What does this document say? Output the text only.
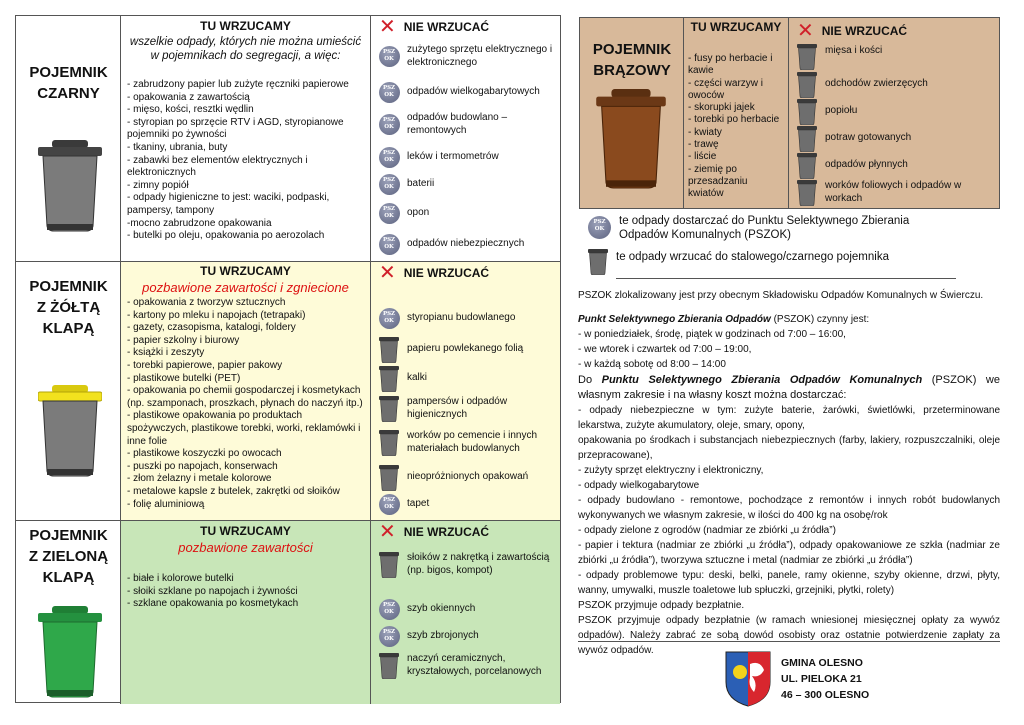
POJEMNIK
CZARNY
TU WRZUCAMY
wszelkie odpady, których nie można umieścić w pojemnikach do segregacji, a więc:
- zabrudzony papier lub zużyte ręczniki papierowe
- opakowania z zawartością
- mięso, kości, resztki wędlin
- styropian po sprzęcie RTV i AGD, styropianowe pojemniki po żywności
- tkaniny, ubrania, buty
- zabawki bez elementów elektrycznych i elektronicznych
- zimny popiół
- odpady higieniczne to jest: waciki, podpaski, pampersy, tampony
-mocno zabrudzone opakowania
- butelki po oleju, opakowania po aerozolach
✕ NIE WRZUCAĆ
PSZ
OK
zużytego sprzętu elektrycznego i elektronicznego
PSZ
OK	odpadów wielkogabarytowych
PSZ
OK
odpadów budowlano – remontowych
PSZ
OK	leków i termometrów
PSZ
OK	baterii
PSZ
OK	opon
PSZ
OK	odpadów niebezpiecznych
POJEMNIK
Z ŻÓŁTĄ
KLAPĄ
TU WRZUCAMY
pozbawione zawartości i zgniecione
- opakowania z tworzyw sztucznych
- kartony po mleku i napojach (tetrapaki)
- gazety, czasopisma, katalogi, foldery
- papier szkolny i biurowy
- książki i zeszyty
- torebki papierowe, papier pakowy
- plastikowe butelki (PET)
- opakowania po chemii gospodarczej i kosmetykach (np. szamponach, proszkach, płynach do naczyń itp.)
- plastikowe opakowania po produktach spożywczych, plastikowe torebki, worki, reklamówki i inne folie
- plastikowe koszyczki po owocach
- puszki po napojach, konserwach
- złom żelazny i metale kolorowe
- metalowe kapsle z butelek, zakrętki od słoików
- folię aluminiową
✕ NIE WRZUCAĆ
PSZ
OK	styropianu budowlanego
papieru powlekanego folią
kalki
pampersów i odpadów higienicznych
worków po cemencie i innych materiałach budowlanych
nieopróżnionych opakowań
PSZ
OK	tapet
POJEMNIK
Z ZIELONĄ
KLAPĄ
TU WRZUCAMY
pozbawione zawartości
- białe i kolorowe butelki
- słoiki szklane po napojach i żywności
- szklane opakowania po kosmetykach
✕ NIE WRZUCAĆ
słoików z nakrętką i zawartością (np. bigos, kompot)
PSZ
OK	szyb okiennych
PSZ
OK	szyb zbrojonych
naczyń ceramicznych, kryształowych, porcelanowych
POJEMNIK
BRĄZOWY
TU WRZUCAMY
- fusy po herbacie i kawie
- części warzyw i owoców
- skorupki jajek
- torebki po herbacie
- kwiaty
- trawę
- liście
- ziemię po przesadzaniu kwiatów
✕ NIE WRZUCAĆ
mięsa i kości
odchodów zwierzęcych
popiołu
potraw gotowanych
odpadów płynnych
worków foliowych i odpadów w workach
PSZ
OK
te odpady dostarczać do Punktu Selektywnego Zbierania Odpadów Komunalnych (PSZOK)
te odpady wrzucać do stalowego/czarnego pojemnika
PSZOK zlokalizowany jest przy obecnym Składowisku Odpadów Komunalnych w Świerczu.
Punkt Selektywnego Zbierania Odpadów (PSZOK) czynny jest:
- w poniedziałek, środę, piątek w godzinach od 7:00 – 16:00,
- we wtorek i czwartek od 7:00 – 19:00,
- w każdą sobotę od 8:00 – 14:00
Do Punktu Selektywnego Zbierania Odpadów Komunalnych (PSZOK) we własnym zakresie i na własny koszt można dostarczać:
- odpady niebezpieczne w tym: zużyte baterie, żarówki, świetlówki, przeterminowane lekarstwa, zużyte akumulatory, oleje, smary, opony,
opakowania po środkach i substancjach niebezpiecznych (farby, lakiery, rozpuszczalniki, oleje przepracowane),
- zużyty sprzęt elektryczny i elektroniczny,
- odpady wielkogabarytowe
- odpady budowlano - remontowe, pochodzące z remontów i innych robót budowlanych wykonywanych we własnym zakresie, w ilości do 400 kg na osobę/rok
- odpady zielone z ogrodów (nadmiar ze zbiórki „u źródła”)
- papier i tektura (nadmiar ze zbiórki „u źródła”), odpady opakowaniowe ze szkła (nadmiar ze zbiórki „u źródła”), tworzywa sztuczne i metal (nadmiar ze zbiórki „u źródła”)
- odpady problemowe typu: deski, belki, panele, ramy okienne, szyby okienne, drzwi, płyty, wanny, umywalki, muszle toaletowe lub spłuczki, grzejniki, płytki, rolety)
PSZOK przyjmuje odpady bezpłatnie.
PSZOK przyjmuje odpady bezpłatnie (w ramach wniesionej miesięcznej opłaty za wywóz odpadów). Należy zabrać ze sobą dowód osobisty oraz ostatnie potwierdzenie zapłaty za wywóz odpadów.
GMINA OLESNO
UL. PIELOKA 21
46 – 300 OLESNO
